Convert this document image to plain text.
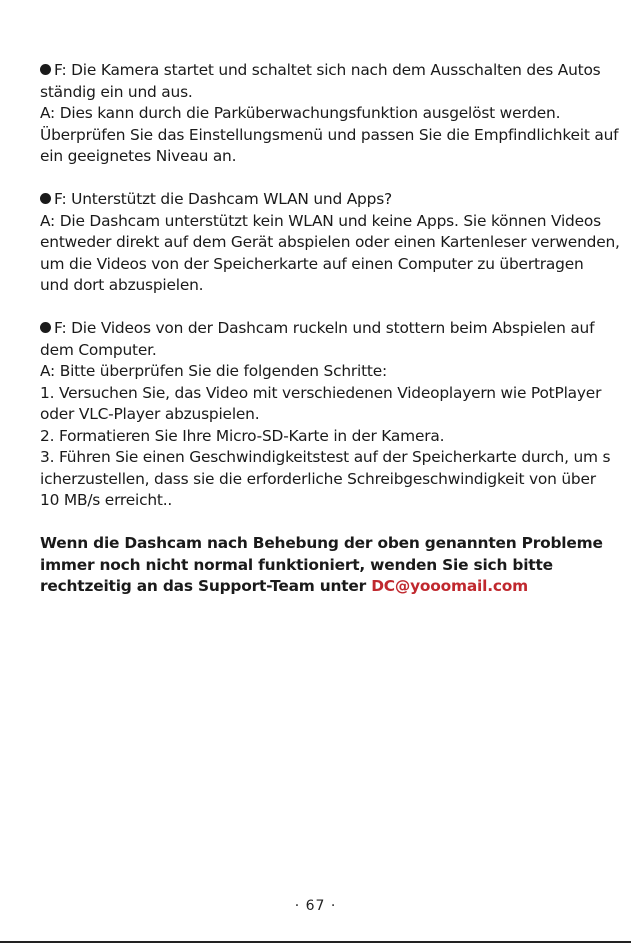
F: Die Kamera startet und schaltet sich nach dem Ausschalten des Autos
ständig ein und aus.
A: Dies kann durch die Parküberwachungsfunktion ausgelöst werden.
Überprüfen Sie das Einstellungsmenü und passen Sie die Empfindlichkeit auf
ein geeignetes Niveau an.
F: Unterstützt die Dashcam WLAN und Apps?
A: Die Dashcam unterstützt kein WLAN und keine Apps. Sie können Videos
entweder direkt auf dem Gerät abspielen oder einen Kartenleser verwenden,
um die Videos von der Speicherkarte auf einen Computer zu übertragen
und dort abzuspielen.
F: Die Videos von der Dashcam ruckeln und stottern beim Abspielen auf
dem Computer.
A: Bitte überprüfen Sie die folgenden Schritte:
1. Versuchen Sie, das Video mit verschiedenen Videoplayern wie PotPlayer
oder VLC-Player abzuspielen.
2. Formatieren Sie Ihre Micro-SD-Karte in der Kamera.
3. Führen Sie einen Geschwindigkeitstest auf der Speicherkarte durch, um s
icherzustellen, dass sie die erforderliche Schreibgeschwindigkeit von über
10 MB/s erreicht..
Wenn die Dashcam nach Behebung der oben genannten Probleme
immer noch nicht normal funktioniert, wenden Sie sich bitte
rechtzeitig an das Support-Team unter DC@yooomail.com
· 67 ·
